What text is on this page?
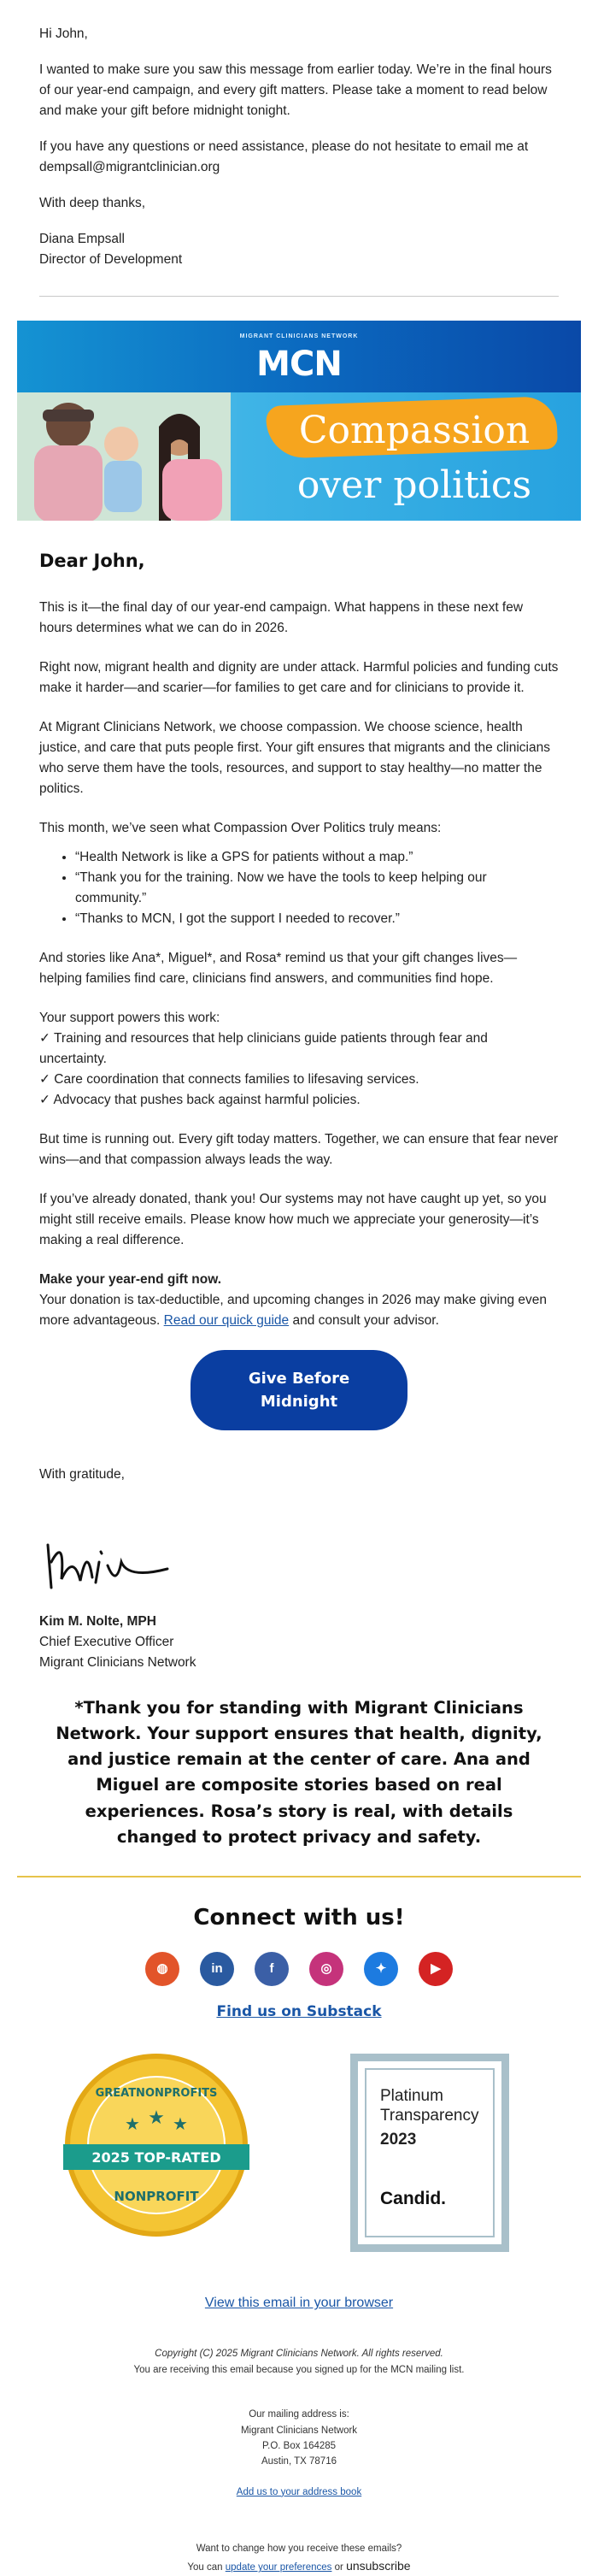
Hi John,

I wanted to make sure you saw this message from earlier today. We’re in the final hours of our year-end campaign, and every gift matters. Please take a moment to read below and make your gift before midnight tonight.

If you have any questions or need assistance, please do not hesitate to email me at
dempsall@migrantclinician.org

With deep thanks,

Diana Empsall
Director of Development

MIGRANT CLINICIANS NETWORK
MCN
Compassion
over politics
Dear John,

This is it—the final day of our year-end campaign. What happens in these next few hours determines what we can do in 2026.

Right now, migrant health and dignity are under attack. Harmful policies and funding cuts make it harder—and scarier—for families to get care and for clinicians to provide it.

At Migrant Clinicians Network, we choose compassion. We choose science, health justice, and care that puts people first. Your gift ensures that migrants and the clinicians who serve them have the tools, resources, and support to stay healthy—no matter the politics.

This month, we’ve seen what Compassion Over Politics truly means:

• “Health Network is like a GPS for patients without a map.”
• “Thank you for the training. Now we have the tools to keep helping our community.”
• “Thanks to MCN, I got the support I needed to recover.”

And stories like Ana*, Miguel*, and Rosa* remind us that your gift changes lives—helping families find care, clinicians find answers, and communities find hope.

Your support powers this work:
✓ Training and resources that help clinicians guide patients through fear and uncertainty.
✓ Care coordination that connects families to lifesaving services.
✓ Advocacy that pushes back against harmful policies.

But time is running out. Every gift today matters. Together, we can ensure that fear never wins—and that compassion always leads the way.

If you’ve already donated, thank you! Our systems may not have caught up yet, so you might still receive emails. Please know how much we appreciate your generosity—it’s making a real difference.

Make your year-end gift now.
Your donation is tax-deductible, and upcoming changes in 2026 may make giving even more advantageous. Read our quick guide and consult your advisor.

Give Before Midnight

With gratitude,

Kim M. Nolte, MPH

Chief Executive Officer

Migrant Clinicians Network

*Thank you for standing with Migrant Clinicians Network. Your support ensures that health, dignity, and justice remain at the center of care. Ana and Miguel are composite stories based on real experiences. Rosa’s story is real, with details changed to protect privacy and safety.
Connect with us!
◍	in	f	◎	✦	▶
Find us on Substack
GREATNONPROFITS
★ ★ ★
2025 TOP-RATED
NONPROFIT
Platinum
Transparency
2023
Candid.
View this email in your browser
Copyright (C) 2025 Migrant Clinicians Network. All rights reserved.
You are receiving this email because you signed up for the MCN mailing list.
Our mailing address is:
Migrant Clinicians Network
P.O. Box 164285
Austin, TX 78716
Add us to your address book
Want to change how you receive these emails?
You can update your preferences or unsubscribe
